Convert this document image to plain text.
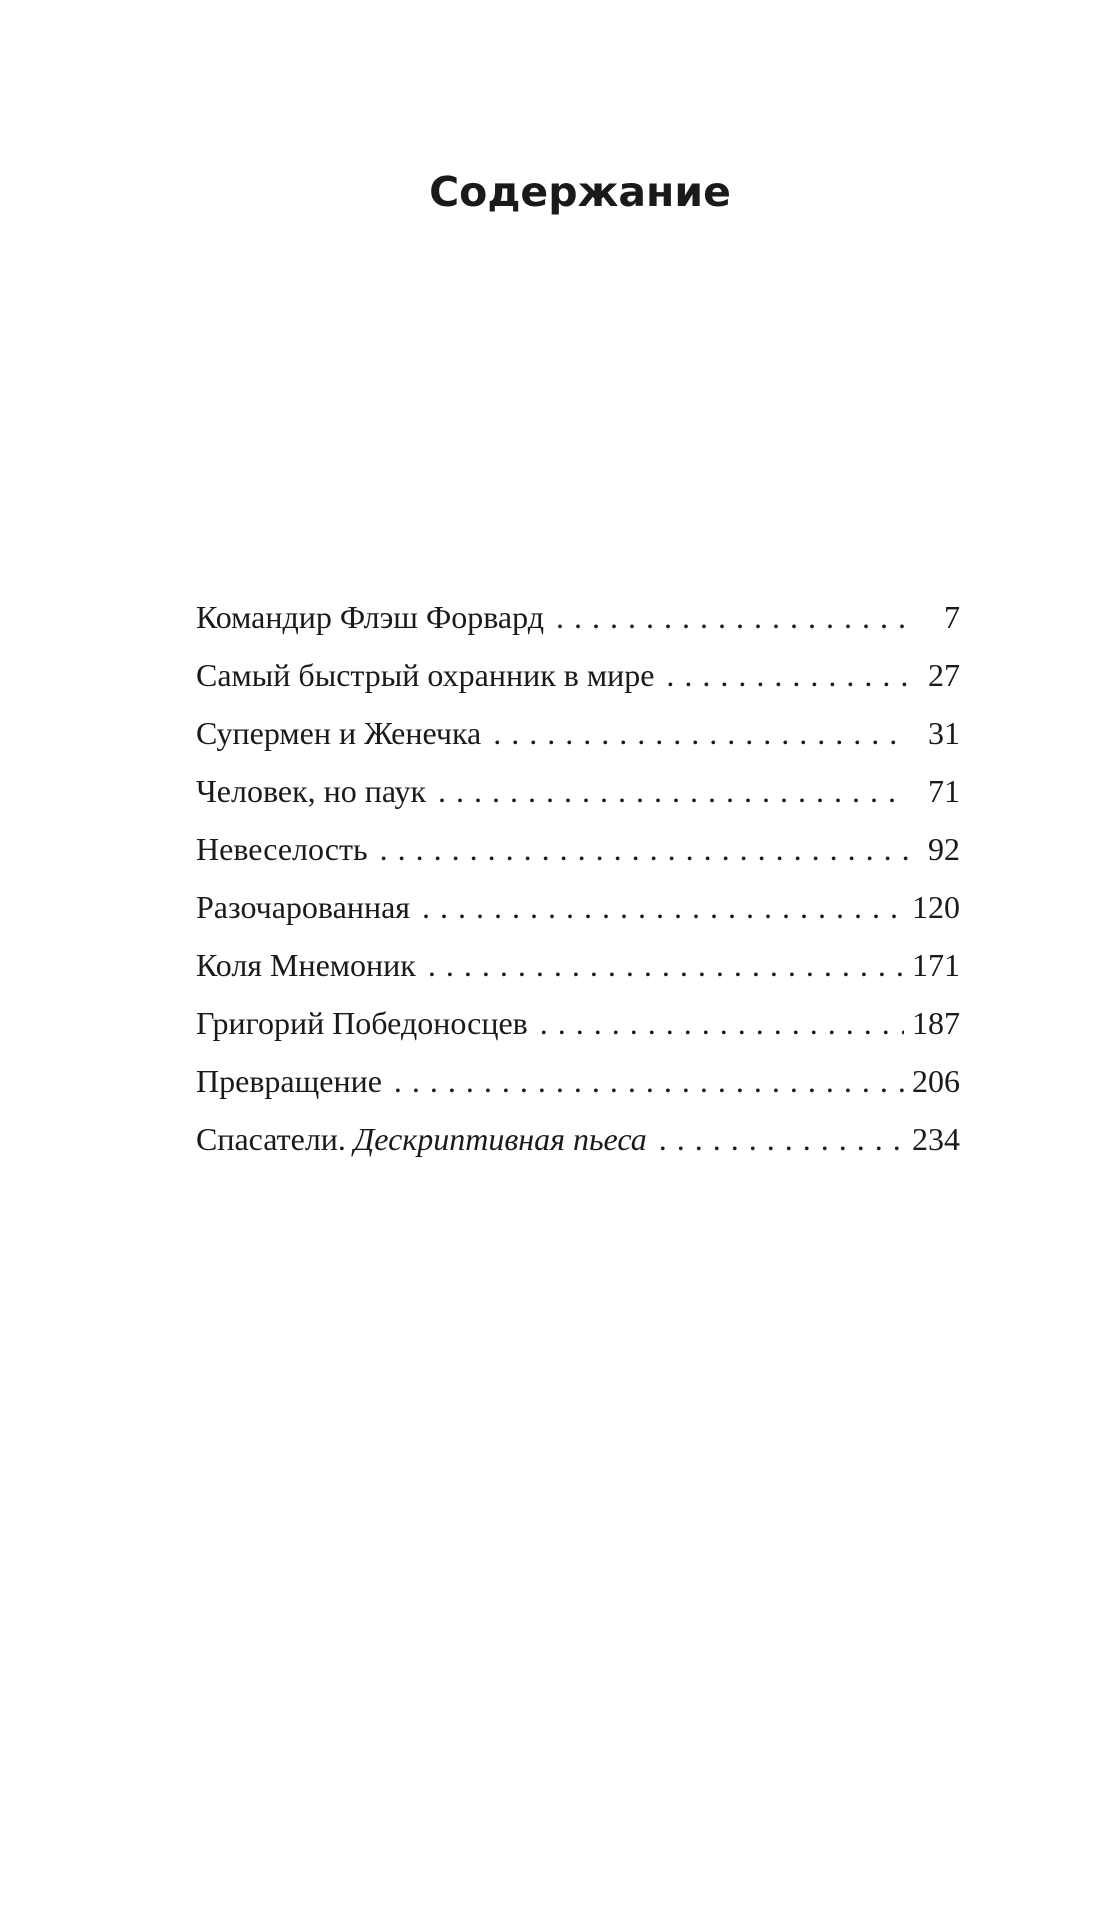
Содержание
Командир Флэш Форвард . . .	7
Самый быстрый охранник в мире . . .	27
Супермен и Женечка . . .	31
Человек, но паук . . .	71
Невеселость . . .	92
Разочарованная . . .	120
Коля Мнемоник . . .	171
Григорий Победоносцев . . .	187
Превращение . . .	206
Спасатели. Дескриптивная пьеса . . .	234
